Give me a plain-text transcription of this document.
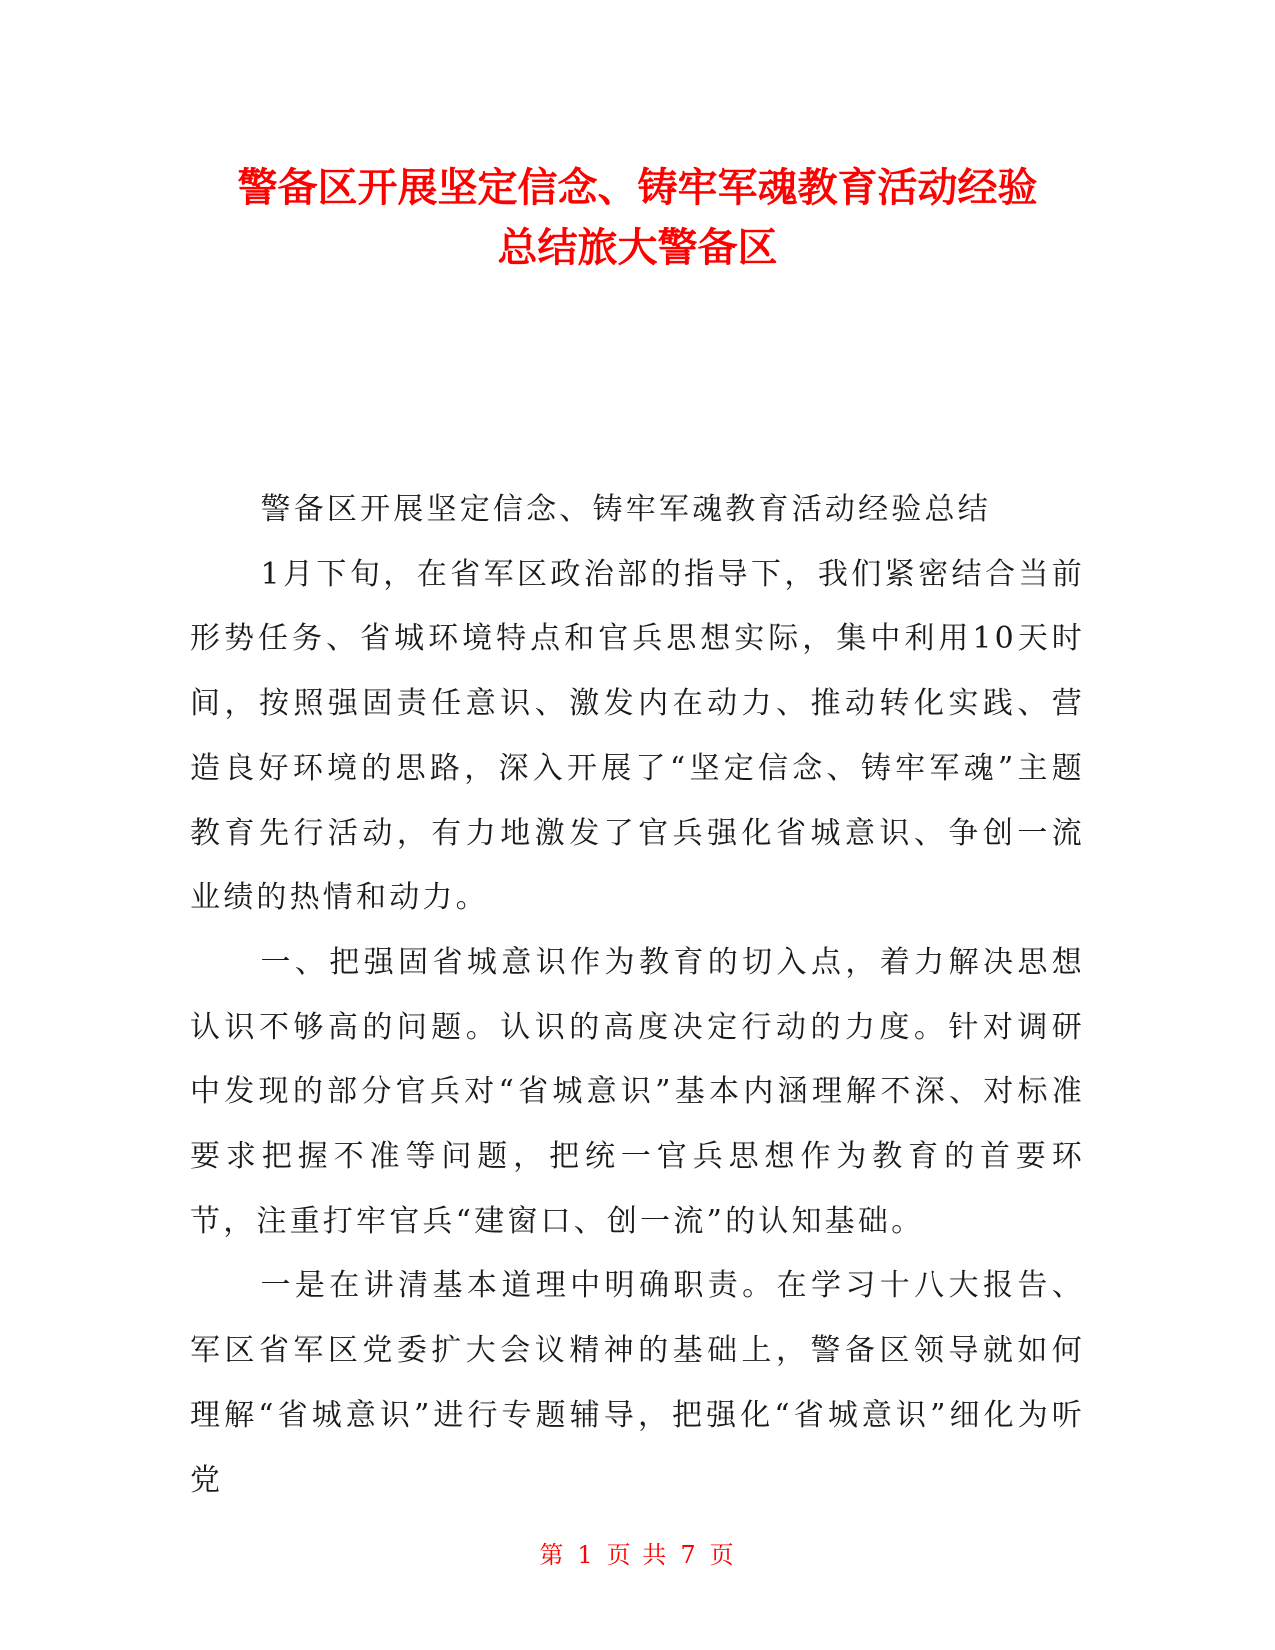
警备区开展坚定信念、铸牢军魂教育活动经验
总结旅大警备区

警备区开展坚定信念、铸牢军魂教育活动经验总结

1月下旬，在省军区政治部的指导下，我们紧密结合当前形势任务、省城环境特点和官兵思想实际，集中利用10天时间，按照强固责任意识、激发内在动力、推动转化实践、营造良好环境的思路，深入开展了“坚定信念、铸牢军魂”主题教育先行活动，有力地激发了官兵强化省城意识、争创一流业绩的热情和动力。

一、把强固省城意识作为教育的切入点，着力解决思想认识不够高的问题。认识的高度决定行动的力度。针对调研中发现的部分官兵对“省城意识”基本内涵理解不深、对标准要求把握不准等问题，把统一官兵思想作为教育的首要环节，注重打牢官兵“建窗口、创一流”的认知基础。

一是在讲清基本道理中明确职责。在学习十八大报告、军区省军区党委扩大会议精神的基础上，警备区领导就如何理解“省城意识”进行专题辅导，把强化“省城意识”细化为听党

第 1 页 共 7 页
